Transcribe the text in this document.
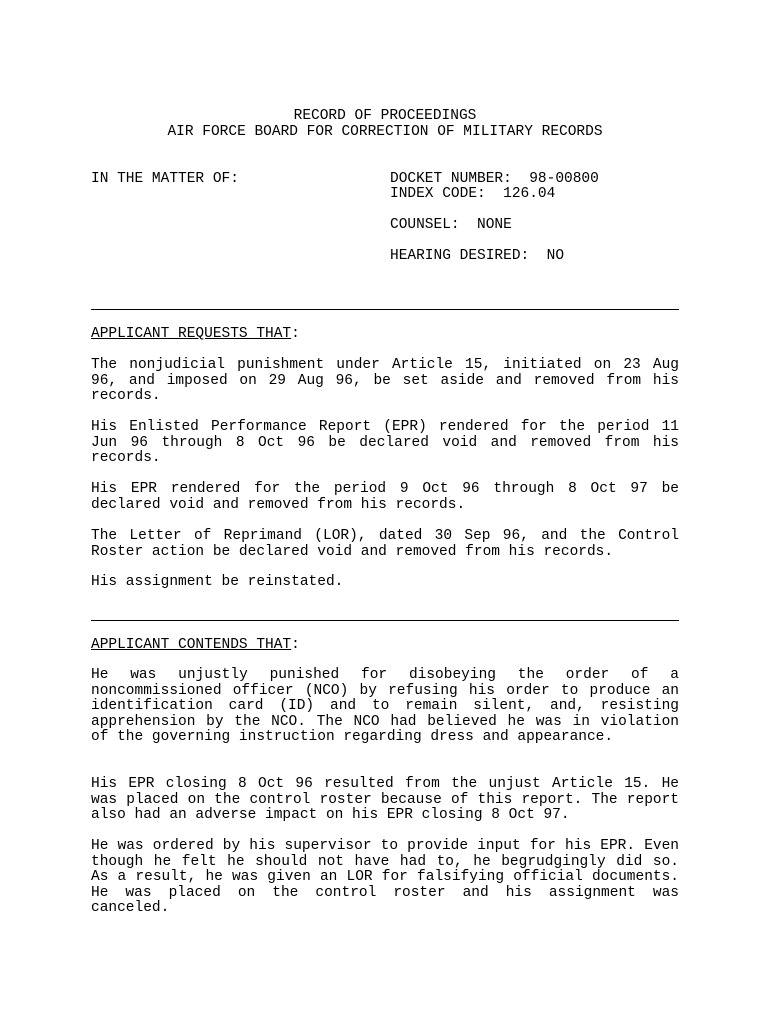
RECORD OF PROCEEDINGS
AIR FORCE BOARD FOR CORRECTION OF MILITARY RECORDS
IN THE MATTER OF:	DOCKET NUMBER:  98-00800
INDEX CODE:  126.04
COUNSEL:  NONE
HEARING DESIRED:  NO
APPLICANT REQUESTS THAT:
The nonjudicial punishment under Article 15, initiated on 23 Aug 96, and imposed on 29 Aug 96, be set aside and removed from his records.
His Enlisted Performance Report (EPR) rendered for the period 11 Jun 96 through 8 Oct 96 be declared void and removed from his records.
His EPR rendered for the period 9 Oct 96 through 8 Oct 97 be declared void and removed from his records.
The Letter of Reprimand (LOR), dated 30 Sep 96, and the Control Roster action be declared void and removed from his records.
His assignment be reinstated.
APPLICANT CONTENDS THAT:
He was unjustly punished for disobeying the order of a noncommissioned officer (NCO) by refusing his order to produce an identification card (ID) and to remain silent, and, resisting apprehension by the NCO. The NCO had believed he was in violation of the governing instruction regarding dress and appearance.
His EPR closing 8 Oct 96 resulted from the unjust Article 15. He was placed on the control roster because of this report. The report also had an adverse impact on his EPR closing 8 Oct 97.
He was ordered by his supervisor to provide input for his EPR. Even though he felt he should not have had to, he begrudgingly did so. As a result, he was given an LOR for falsifying official documents. He was placed on the control roster and his assignment was canceled.
